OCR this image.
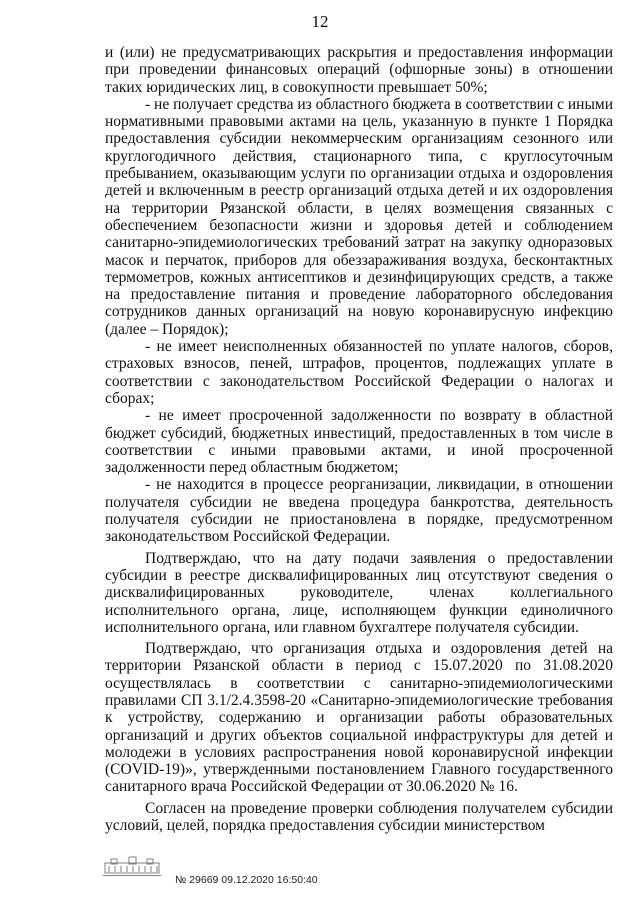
12

и (или) не предусматривающих раскрытия и предоставления информации при проведении финансовых операций (офшорные зоны) в отношении таких юридических лиц, в совокупности превышает 50%;

- не получает средства из областного бюджета в соответствии с иными нормативными правовыми актами на цель, указанную в пункте 1 Порядка предоставления субсидии некоммерческим организациям сезонного или круглогодичного действия, стационарного типа, с круглосуточным пребыванием, оказывающим услуги по организации отдыха и оздоровления детей и включенным в реестр организаций отдыха детей и их оздоровления на территории Рязанской области, в целях возмещения связанных с обеспечением безопасности жизни и здоровья детей и соблюдением санитарно-эпидемиологических требований затрат на закупку одноразовых масок и перчаток, приборов для обеззараживания воздуха, бесконтактных термометров, кожных антисептиков и дезинфицирующих средств, а также на предоставление питания и проведение лабораторного обследования сотрудников данных организаций на новую коронавирусную инфекцию (далее – Порядок);

- не имеет неисполненных обязанностей по уплате налогов, сборов, страховых взносов, пеней, штрафов, процентов, подлежащих уплате в соответствии с законодательством Российской Федерации о налогах и сборах;

- не имеет просроченной задолженности по возврату в областной бюджет субсидий, бюджетных инвестиций, предоставленных в том числе в соответствии с иными правовыми актами, и иной просроченной задолженности перед областным бюджетом;

- не находится в процессе реорганизации, ликвидации, в отношении получателя субсидии не введена процедура банкротства, деятельность получателя субсидии не приостановлена в порядке, предусмотренном законодательством Российской Федерации.

Подтверждаю, что на дату подачи заявления о предоставлении субсидии в реестре дисквалифицированных лиц отсутствуют сведения о дисквалифицированных руководителе, членах коллегиального исполнительного органа, лице, исполняющем функции единоличного исполнительного органа, или главном бухгалтере получателя субсидии.

Подтверждаю, что организация отдыха и оздоровления детей на территории Рязанской области в период с 15.07.2020 по 31.08.2020 осуществлялась в соответствии с санитарно-эпидемиологическими правилами СП 3.1/2.4.3598-20 «Санитарно-эпидемиологические требования к устройству, содержанию и организации работы образовательных организаций и других объектов социальной инфраструктуры для детей и молодежи в условиях распространения новой коронавирусной инфекции (COVID-19)», утвержденными постановлением Главного государственного санитарного врача Российской Федерации от 30.06.2020 № 16.

Согласен на проведение проверки соблюдения получателем субсидии условий, целей, порядка предоставления субсидии министерством

№ 29669 09.12.2020 16:50:40
